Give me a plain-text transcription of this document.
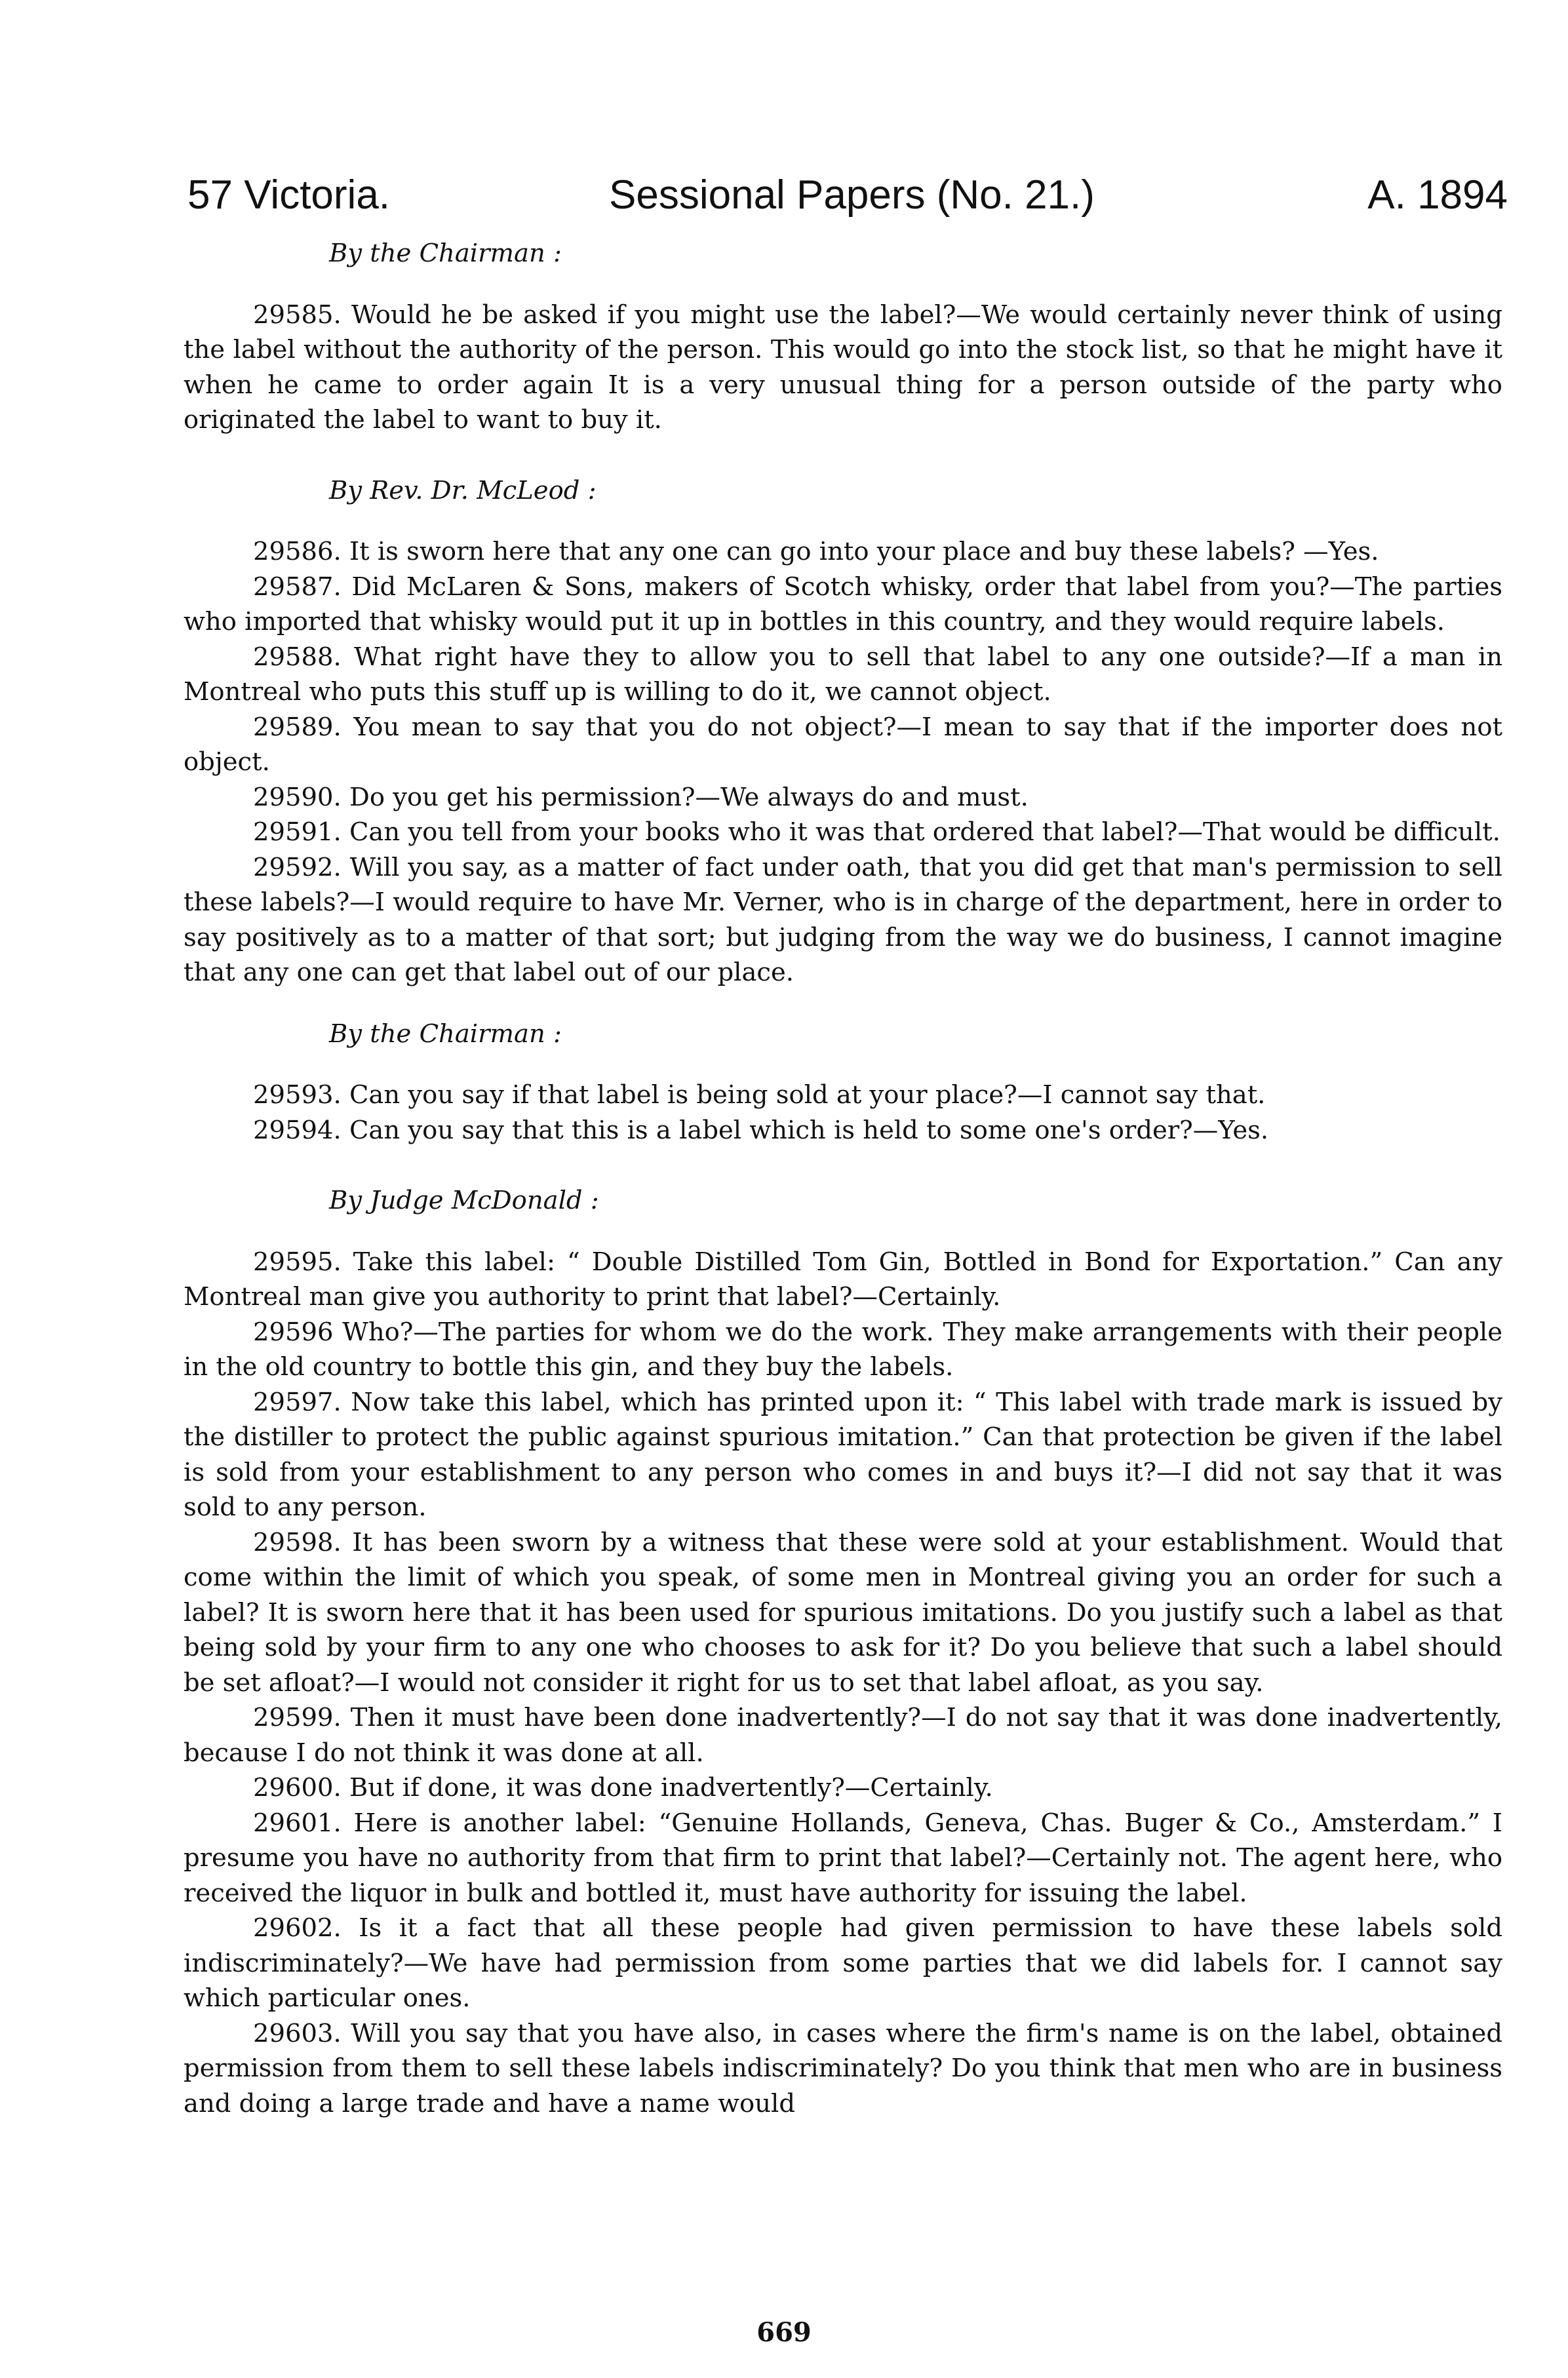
57 Victoria.	Sessional Papers (No. 21.)	A. 1894
By the Chairman :

29585. Would he be asked if you might use the label?—We would certainly never think of using the label without the authority of the person. This would go into the stock list, so that he might have it when he came to order again It is a very unusual thing for a person outside of the party who originated the label to want to buy it.

By Rev. Dr. McLeod :

29586. It is sworn here that any one can go into your place and buy these labels? —Yes.

29587. Did McLaren & Sons, makers of Scotch whisky, order that label from you?—The parties who imported that whisky would put it up in bottles in this country, and they would require labels.

29588. What right have they to allow you to sell that label to any one outside?—If a man in Montreal who puts this stuff up is willing to do it, we cannot object.

29589. You mean to say that you do not object?—I mean to say that if the importer does not object.

29590. Do you get his permission?—We always do and must.

29591. Can you tell from your books who it was that ordered that label?—That would be difficult.

29592. Will you say, as a matter of fact under oath, that you did get that man's permission to sell these labels?—I would require to have Mr. Verner, who is in charge of the department, here in order to say positively as to a matter of that sort; but judging from the way we do business, I cannot imagine that any one can get that label out of our place.

By the Chairman :

29593. Can you say if that label is being sold at your place?—I cannot say that.

29594. Can you say that this is a label which is held to some one's order?—Yes.

By Judge McDonald :

29595. Take this label: “ Double Distilled Tom Gin, Bottled in Bond for Exportation.” Can any Montreal man give you authority to print that label?—Certainly.

29596 Who?—The parties for whom we do the work. They make arrangements with their people in the old country to bottle this gin, and they buy the labels.

29597. Now take this label, which has printed upon it: “ This label with trade mark is issued by the distiller to protect the public against spurious imitation.” Can that protection be given if the label is sold from your establishment to any person who comes in and buys it?—I did not say that it was sold to any person.

29598. It has been sworn by a witness that these were sold at your establishment. Would that come within the limit of which you speak, of some men in Montreal giving you an order for such a label? It is sworn here that it has been used for spurious imitations. Do you justify such a label as that being sold by your firm to any one who chooses to ask for it? Do you believe that such a label should be set afloat?—I would not consider it right for us to set that label afloat, as you say.

29599. Then it must have been done inadvertently?—I do not say that it was done inadvertently, because I do not think it was done at all.

29600. But if done, it was done inadvertently?—Certainly.

29601. Here is another label: “Genuine Hollands, Geneva, Chas. Buger & Co., Amsterdam.” I presume you have no authority from that firm to print that label?—Certainly not. The agent here, who received the liquor in bulk and bottled it, must have authority for issuing the label.

29602. Is it a fact that all these people had given permission to have these labels sold indiscriminately?—We have had permission from some parties that we did labels for. I cannot say which particular ones.

29603. Will you say that you have also, in cases where the firm's name is on the label, obtained permission from them to sell these labels indiscriminately? Do you think that men who are in business and doing a large trade and have a name would

669
